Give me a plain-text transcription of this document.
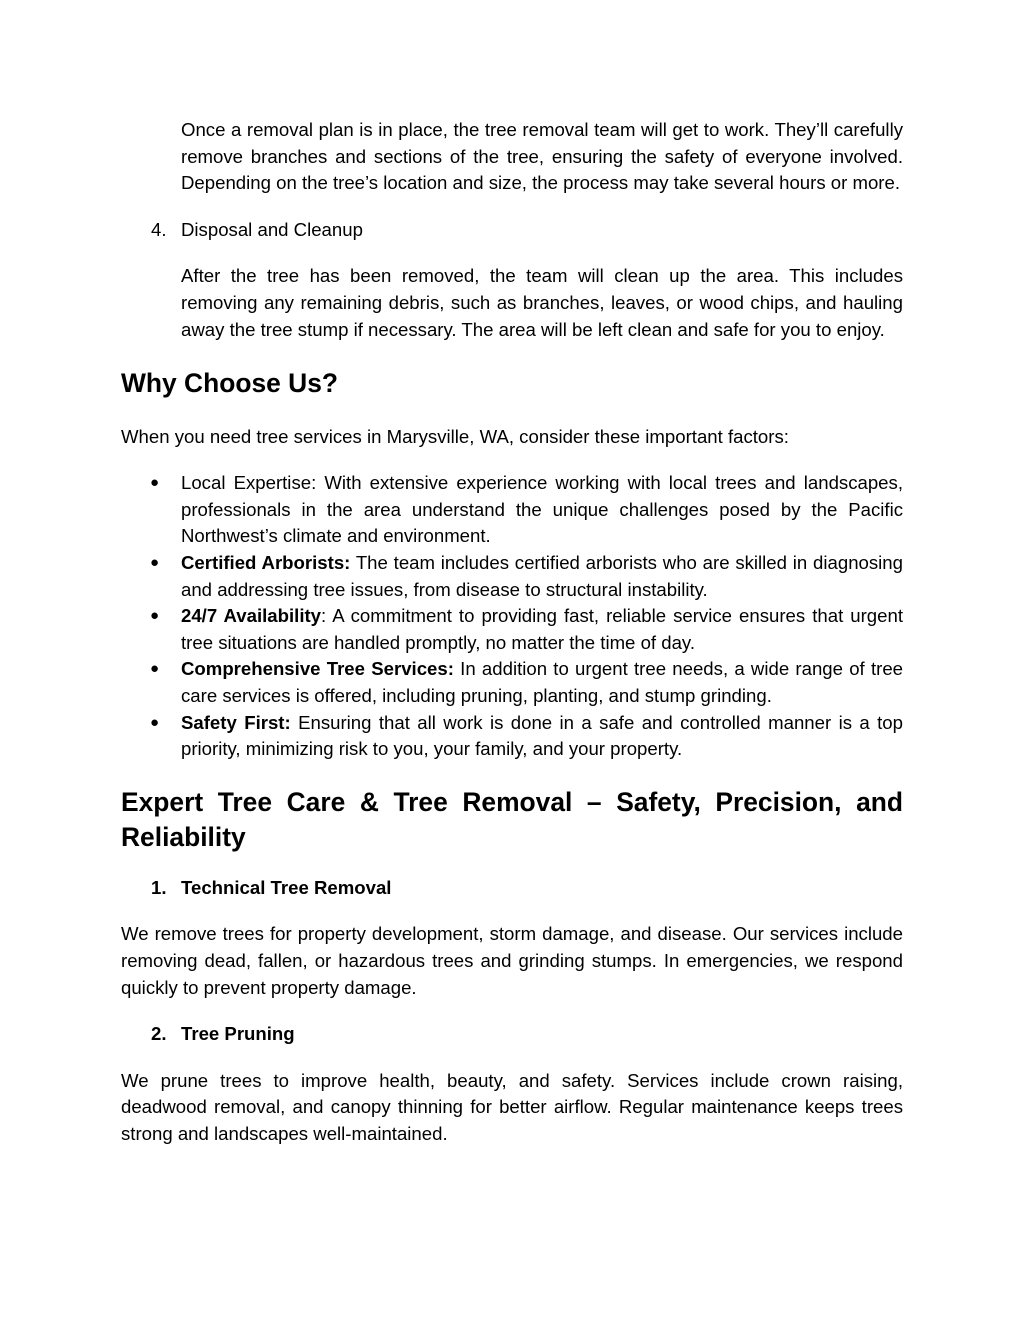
Once a removal plan is in place, the tree removal team will get to work. They’ll carefully remove branches and sections of the tree, ensuring the safety of everyone involved. Depending on the tree’s location and size, the process may take several hours or more.

4. Disposal and Cleanup

After the tree has been removed, the team will clean up the area. This includes removing any remaining debris, such as branches, leaves, or wood chips, and hauling away the tree stump if necessary. The area will be left clean and safe for you to enjoy.

Why Choose Us?

When you need tree services in Marysville, WA, consider these important factors:

●	Local Expertise: With extensive experience working with local trees and landscapes, professionals in the area understand the unique challenges posed by the Pacific Northwest’s climate and environment.
●	Certified Arborists: The team includes certified arborists who are skilled in diagnosing and addressing tree issues, from disease to structural instability.
●	24/7 Availability: A commitment to providing fast, reliable service ensures that urgent tree situations are handled promptly, no matter the time of day.
●	Comprehensive Tree Services: In addition to urgent tree needs, a wide range of tree care services is offered, including pruning, planting, and stump grinding.
●	Safety First: Ensuring that all work is done in a safe and controlled manner is a top priority, minimizing risk to you, your family, and your property.
Expert Tree Care & Tree Removal – Safety, Precision, and Reliability
1. Technical Tree Removal

We remove trees for property development, storm damage, and disease. Our services include removing dead, fallen, or hazardous trees and grinding stumps. In emergencies, we respond quickly to prevent property damage.

2. Tree Pruning

We prune trees to improve health, beauty, and safety. Services include crown raising, deadwood removal, and canopy thinning for better airflow. Regular maintenance keeps trees strong and landscapes well-maintained.
